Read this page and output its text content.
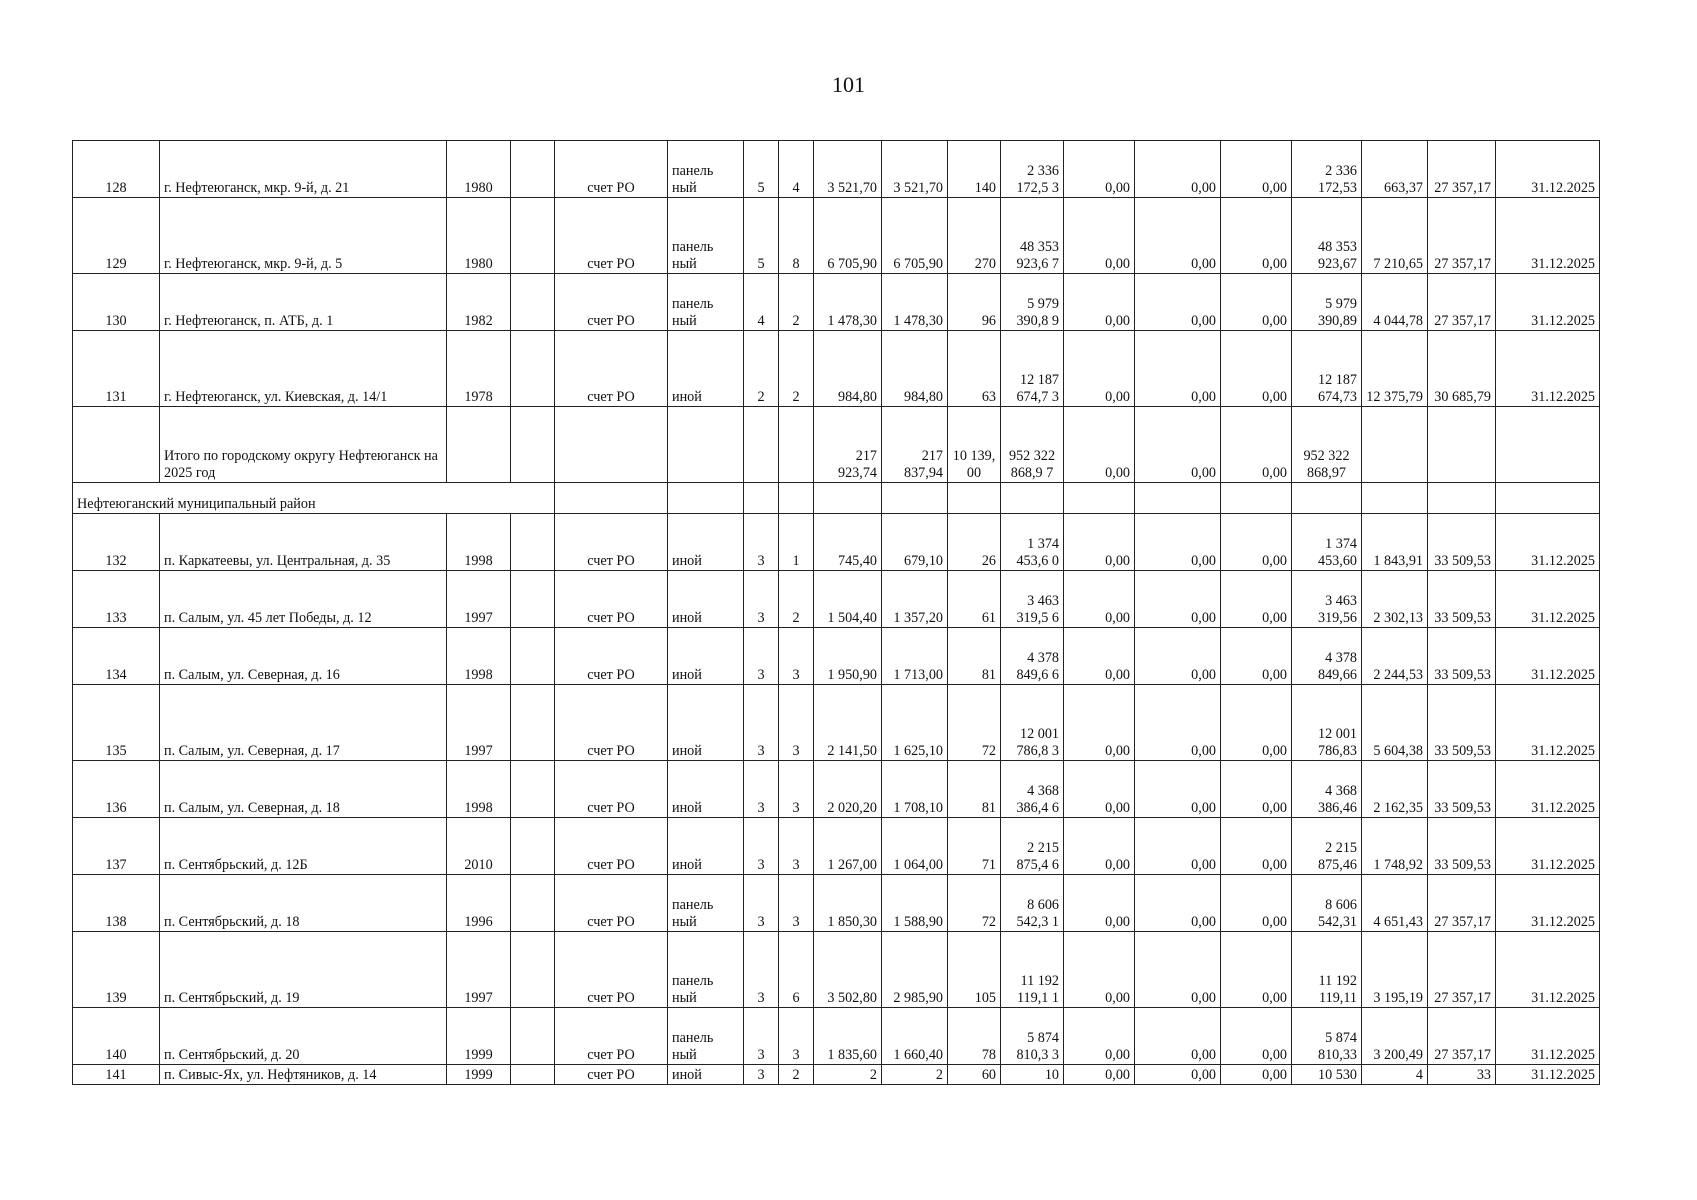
101
128	г. Нефтеюганск, мкр. 9-й, д. 21	1980		счет РО	панель ный	5	4	3 521,70	3 521,70	140	2 336 172,5 3	0,00	0,00	0,00	2 336 172,53	663,37	27 357,17	31.12.2025
129	г. Нефтеюганск, мкр. 9-й, д. 5	1980		счет РО	панель ный	5	8	6 705,90	6 705,90	270	48 353 923,6 7	0,00	0,00	0,00	48 353 923,67	7 210,65	27 357,17	31.12.2025
130	г. Нефтеюганск, п. АТБ, д. 1	1982		счет РО	панель ный	4	2	1 478,30	1 478,30	96	5 979 390,8 9	0,00	0,00	0,00	5 979 390,89	4 044,78	27 357,17	31.12.2025
131	г. Нефтеюганск, ул. Киевская, д. 14/1	1978		счет РО	иной	2	2	984,80	984,80	63	12 187 674,7 3	0,00	0,00	0,00	12 187 674,73	12 375,79	30 685,79	31.12.2025
	Итого по городскому округу Нефтеюганск на 2025 год							217 923,74	217 837,94	10 139, 00	952 322 868,9 7	0,00	0,00	0,00	952 322 868,97			
Нефтеюганский муниципальный район																		
132	п. Каркатеевы, ул. Центральная, д. 35	1998		счет РО	иной	3	1	745,40	679,10	26	1 374 453,6 0	0,00	0,00	0,00	1 374 453,60	1 843,91	33 509,53	31.12.2025
133	п. Салым, ул. 45 лет Победы, д. 12	1997		счет РО	иной	3	2	1 504,40	1 357,20	61	3 463 319,5 6	0,00	0,00	0,00	3 463 319,56	2 302,13	33 509,53	31.12.2025
134	п. Салым, ул. Северная, д. 16	1998		счет РО	иной	3	3	1 950,90	1 713,00	81	4 378 849,6 6	0,00	0,00	0,00	4 378 849,66	2 244,53	33 509,53	31.12.2025
135	п. Салым, ул. Северная, д. 17	1997		счет РО	иной	3	3	2 141,50	1 625,10	72	12 001 786,8 3	0,00	0,00	0,00	12 001 786,83	5 604,38	33 509,53	31.12.2025
136	п. Салым, ул. Северная, д. 18	1998		счет РО	иной	3	3	2 020,20	1 708,10	81	4 368 386,4 6	0,00	0,00	0,00	4 368 386,46	2 162,35	33 509,53	31.12.2025
137	п. Сентябрьский, д. 12Б	2010		счет РО	иной	3	3	1 267,00	1 064,00	71	2 215 875,4 6	0,00	0,00	0,00	2 215 875,46	1 748,92	33 509,53	31.12.2025
138	п. Сентябрьский, д. 18	1996		счет РО	панель ный	3	3	1 850,30	1 588,90	72	8 606 542,3 1	0,00	0,00	0,00	8 606 542,31	4 651,43	27 357,17	31.12.2025
139	п. Сентябрьский, д. 19	1997		счет РО	панель ный	3	6	3 502,80	2 985,90	105	11 192 119,1 1	0,00	0,00	0,00	11 192 119,11	3 195,19	27 357,17	31.12.2025
140	п. Сентябрьский, д. 20	1999		счет РО	панель ный	3	3	1 835,60	1 660,40	78	5 874 810,3 3	0,00	0,00	0,00	5 874 810,33	3 200,49	27 357,17	31.12.2025
141	п. Сивыс-Ях, ул. Нефтяников, д. 14	1999		счет РО	иной	3	2	2	2	60	10	0,00	0,00	0,00	10 530	4	33	31.12.2025
